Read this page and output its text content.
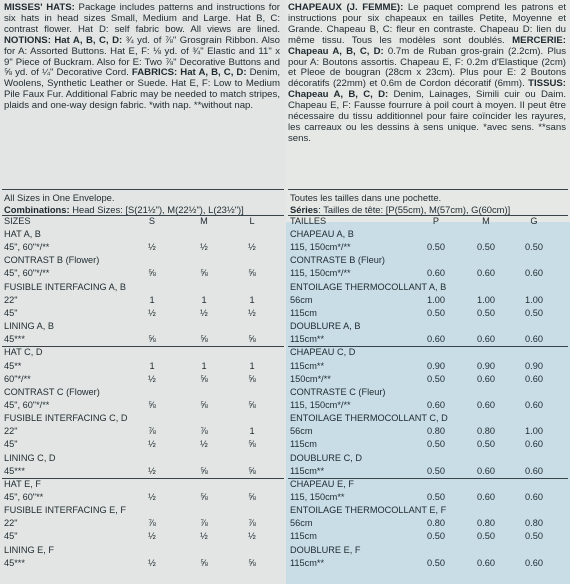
MISSES' HATS: Package includes patterns and instructions for six hats in head sizes Small, Medium and Large. Hat B, C: contrast flower. Hat D: self fabric bow. All views are lined. NOTIONS: Hat A, B, C, D: ¾ yd. of ⅞" Grosgrain Ribbon. Also for A: Assorted Buttons. Hat E, F: ⅛ yd. of ¾" Elastic and 11" x 9" Piece of Buckram. Also for E: Two ⅞" Decorative Buttons and ⅝ yd. of ¼" Decorative Cord. FABRICS: Hat A, B, C, D: Denim, Woolens, Synthetic Leather or Suede. Hat E, F: Low to Medium Pile Faux Fur. Additional Fabric may be needed to match stripes, plaids and one-way design fabric. *with nap. **without nap.
CHAPEAUX (J. FEMME): Le paquet comprend les patrons et instructions pour six chapeaux en tailles Petite, Moyenne et Grande. Chapeau B, C: fleur en contraste. Chapeau D: lien du même tissu. Tous les modèles sont doublés. MERCERIE: Chapeau A, B, C, D: 0.7m de Ruban gros-grain (2.2cm). Plus pour A: Boutons assortis. Chapeau E, F: 0.2m d'Elastique (2cm) et Pleoe de bougran (28cm x 23cm). Plus pour E: 2 Boutons décoratifs (22mm) et 0.6m de Cordon décoratif (6mm). TISSUS: Chapeau A, B, C, D: Denim, Lainages, Simili cuir ou Daim. Chapeau E, F: Fausse fourrure à poil court à moyen. Il peut être nécessaire du tissu additionnel pour faire coïncider les rayures, les carreaux ou les dessins à sens unique. *avec sens. **sans sens.
All Sizes in One Envelope.
Combinations: Head Sizes: [S(21½"), M(22½"), L(23½")]
Toutes les tailles dans une pochette.
Séries: Tailles de tête: [P(55cm), M(57cm), G(60cm)]
SIZES	S	M	L
HAT A, B
45", 60"*/**	½	½	½
CONTRAST B (Flower)
45", 60"*/**	⅝	⅝	⅝
FUSIBLE INTERFACING A, B
22"	1	1	1
45"	½	½	½
LINING A, B
45***	⅝	⅝	⅝
HAT C, D
45**	1	1	1
60"*/**	½	⅝	⅝
CONTRAST C (Flower)
45", 60"*/**	⅝	⅝	⅝
FUSIBLE INTERFACING C, D
22"	⅞	⅞	1
45"	½	½	⅝
LINING C, D
45***	½	⅝	⅝
HAT E, F
45", 60"**	½	⅝	⅝
FUSIBLE INTERFACING E, F
22"	⅞	⅞	⅞
45"	½	½	½
LINING E, F
45***	½	⅝	⅝
TAILLES	P	M	G
CHAPEAU A, B
115, 150cm*/**	0.50	0.50	0.50
CONTRASTE B (Fleur)
115, 150cm*/**	0.60	0.60	0.60
ENTOILAGE THERMOCOLLANT A, B
56cm	1.00	1.00	1.00
115cm	0.50	0.50	0.50
DOUBLURE A, B
115cm**	0.60	0.60	0.60
CHAPEAU C, D
115cm**	0.90	0.90	0.90
150cm*/**	0.50	0.60	0.60
CONTRASTE C (Fleur)
115, 150cm*/**	0.60	0.60	0.60
ENTOILAGE THERMOCOLLANT C, D
56cm	0.80	0.80	1.00
115cm	0.50	0.50	0.60
DOUBLURE C, D
115cm**	0.50	0.60	0.60
CHAPEAU E, F
115, 150cm**	0.50	0.60	0.60
ENTOILAGE THERMOCOLLANT E, F
56cm	0.80	0.80	0.80
115cm	0.50	0.50	0.50
DOUBLURE E, F
115cm**	0.50	0.60	0.60
